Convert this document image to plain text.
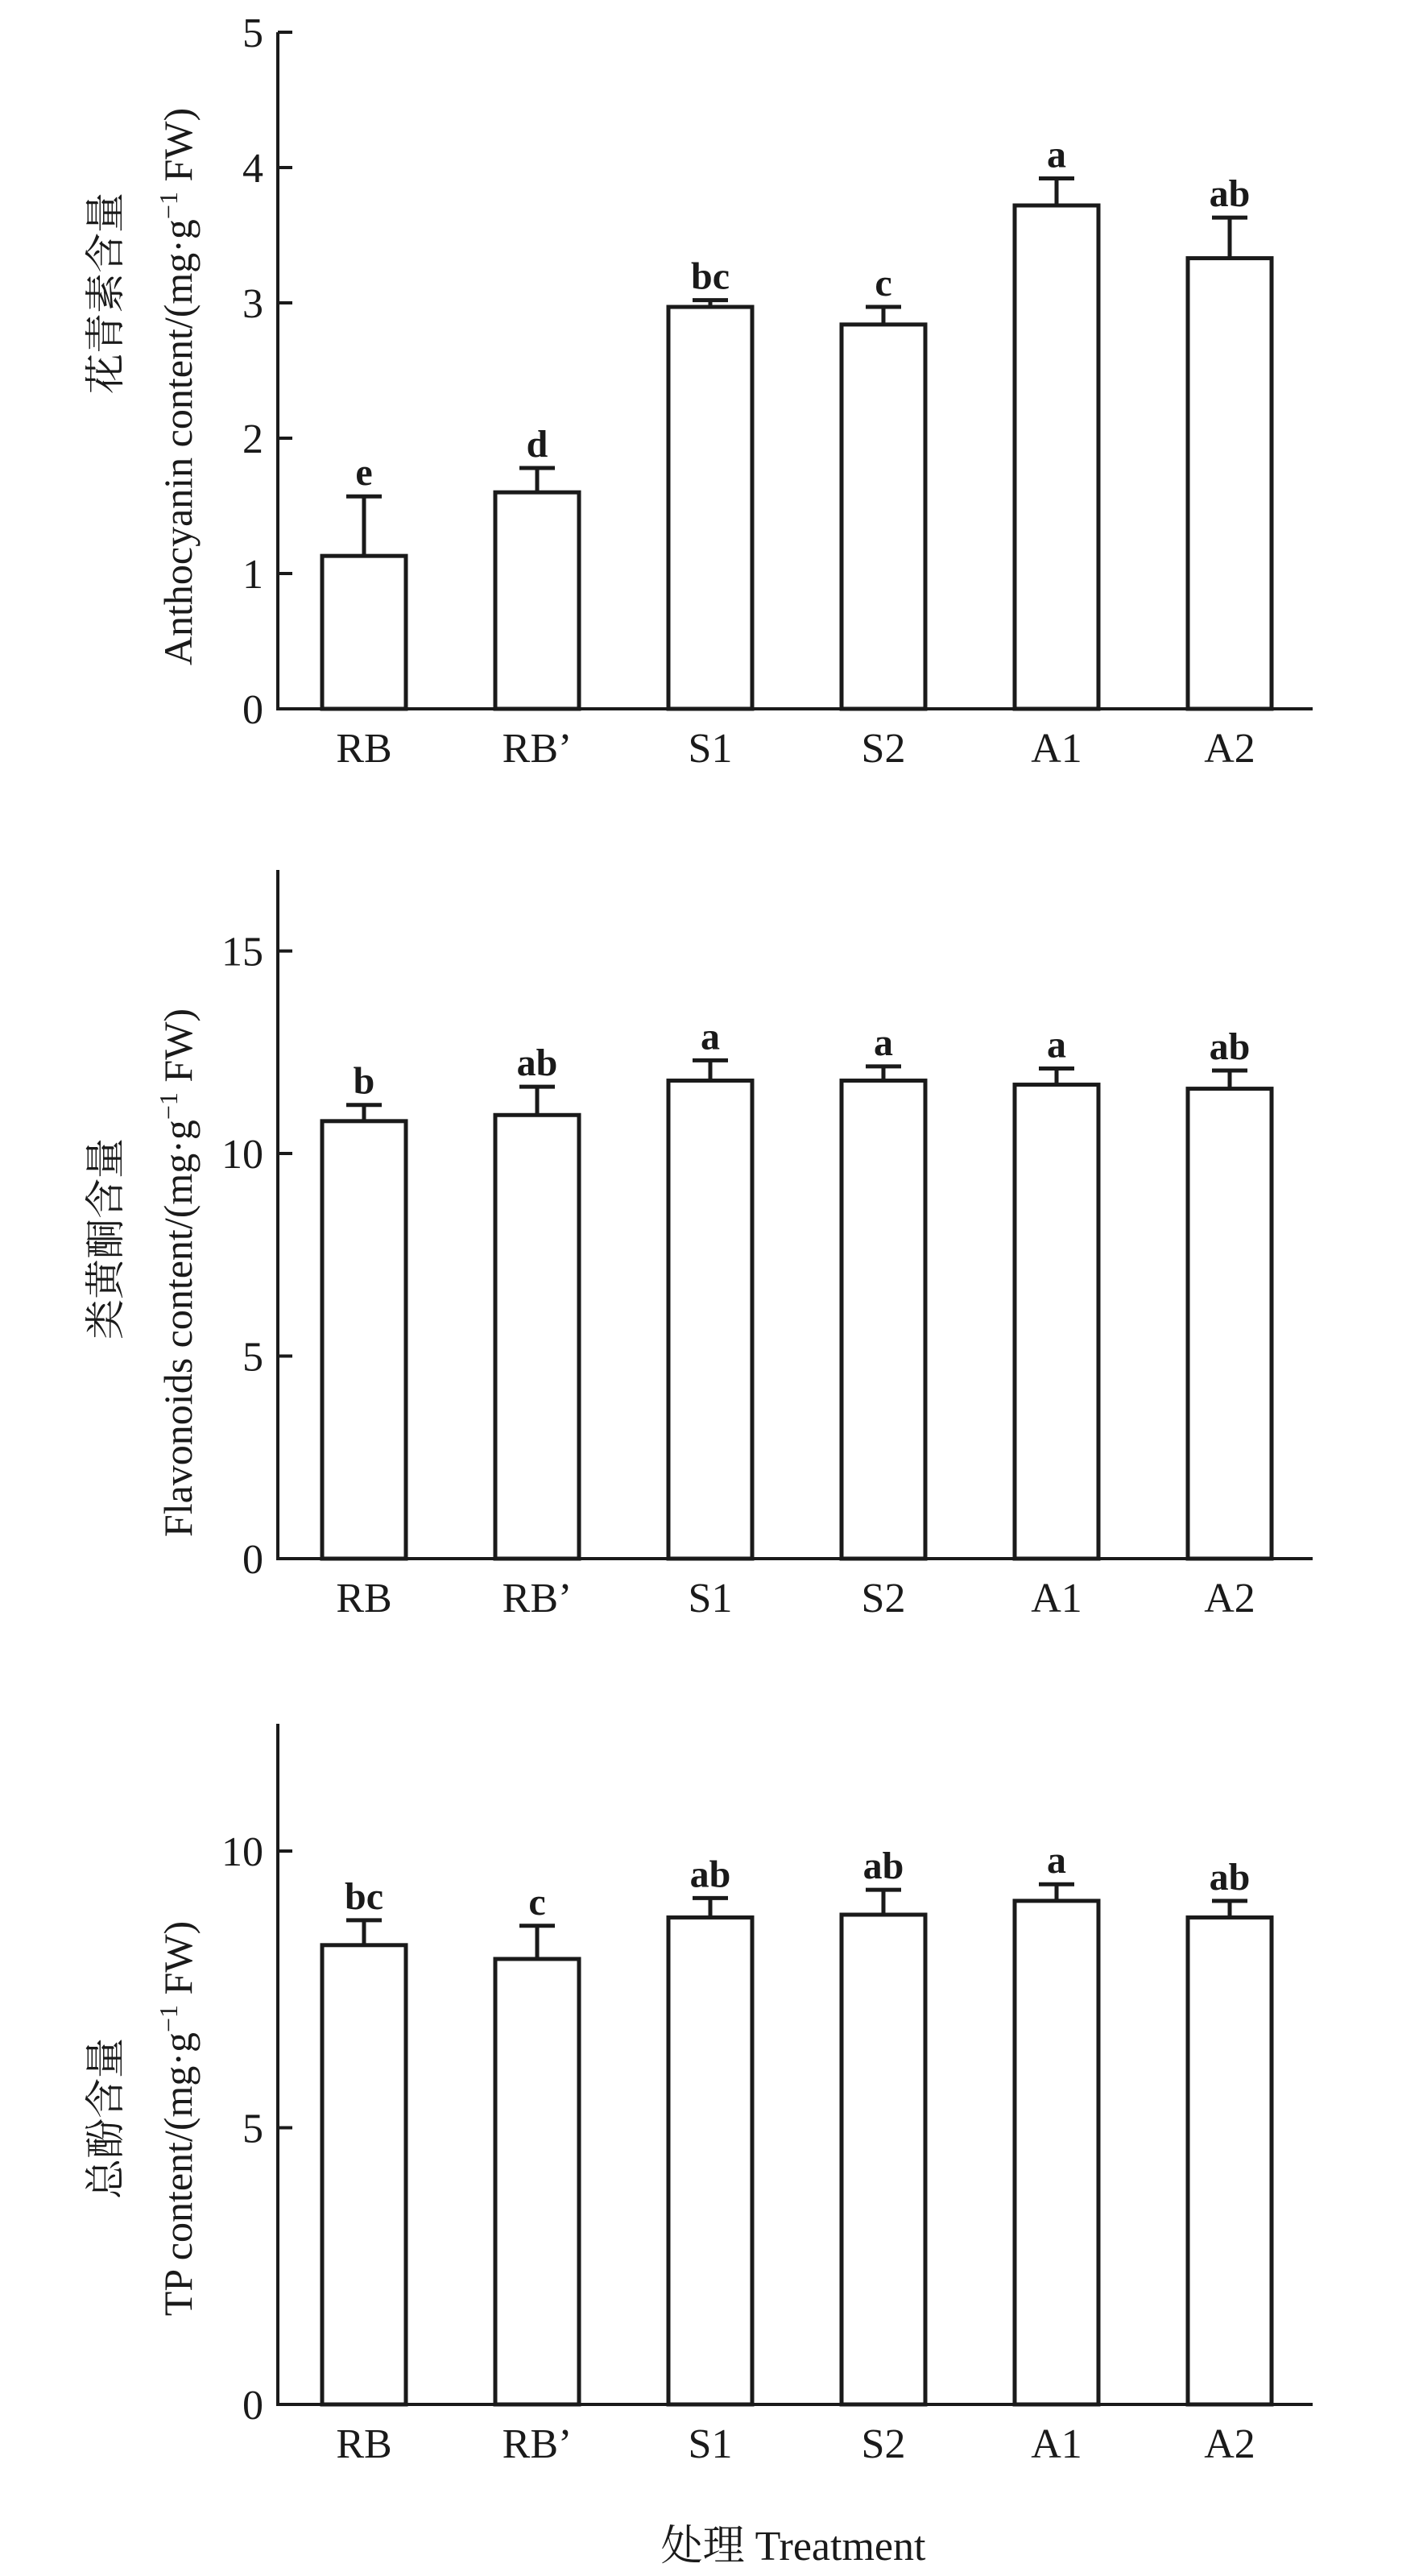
0
1
2
3
4
5
e
RB
d
RB’
bc
S1
c
S2
a
A1
ab
A2
花青素含量 Anthocyanin content/($mg\cdot g^{-1}$ FW)
0
5
10
15
b
RB
ab
RB’
a
S1
a
S2
a
A1
ab
A2
类黄酮含量 Flavonoids content/($mg\cdot g^{-1}$ FW)
0
5
10
bc
RB
c
RB’
ab
S1
ab
S2
a
A1
ab
A2
总酚含量 TP content/($mg\cdot g^{-1}$ FW)
处理 Treatment
